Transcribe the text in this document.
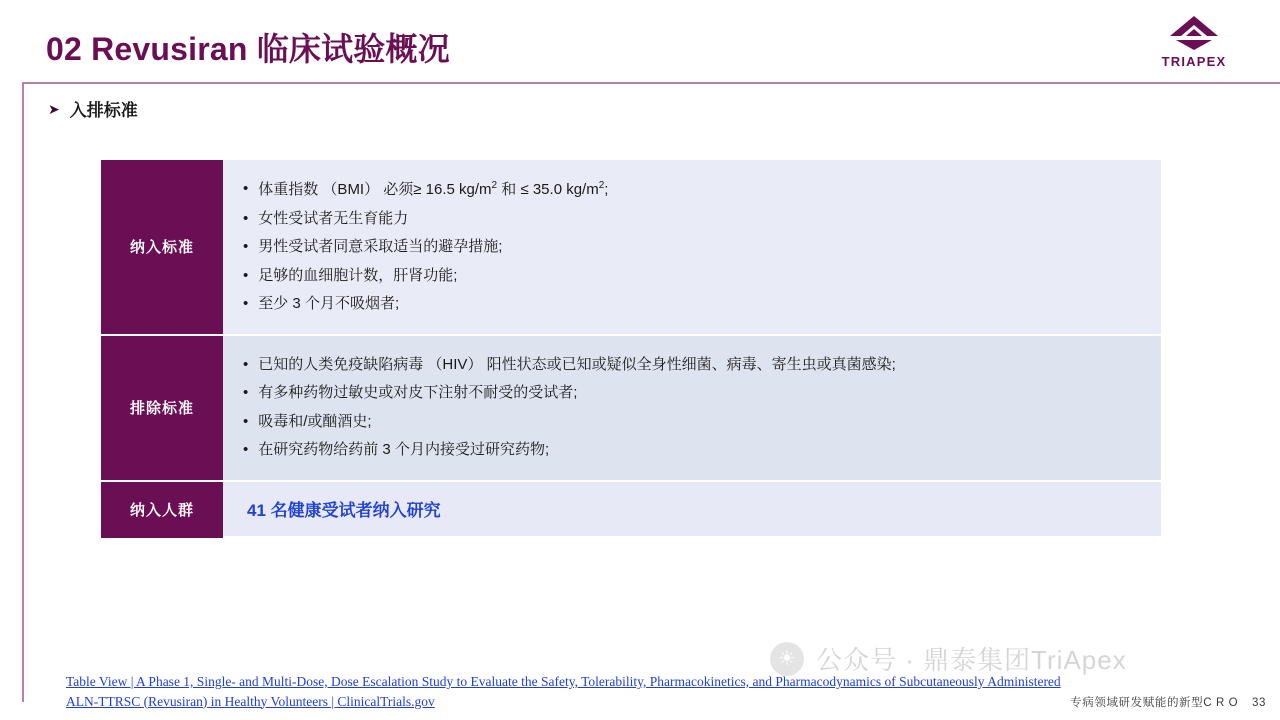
02 Revusiran 临床试验概况	TRIAPEX
➤ 入排标准
纳入标准
• 体重指数 （BMI） 必须≥ 16.5 $kg/m^2$ 和 ≤ 35.0 $kg/m^2$;
• 女性受试者无生育能力
• 男性受试者同意采取适当的避孕措施;
• 足够的血细胞计数，肝肾功能;
• 至少 3 个月不吸烟者;
排除标准
• 已知的人类免疫缺陷病毒 （HIV） 阳性状态或已知或疑似全身性细菌、病毒、寄生虫或真菌感染;
• 有多种药物过敏史或对皮下注射不耐受的受试者;
• 吸毒和/或酗酒史;
• 在研究药物给药前 3 个月内接受过研究药物;
纳入人群	41 名健康受试者纳入研究
☀ 公众号 · 鼎泰集团TriApex
Table View | A Phase 1, Single- and Multi-Dose, Dose Escalation Study to Evaluate the Safety, Tolerability, Pharmacokinetics, and Pharmacodynamics of Subcutaneously Administered ALN-TTRSC (Revusiran) in Healthy Volunteers | ClinicalTrials.gov	专病领域研发赋能的新型C R O 33
